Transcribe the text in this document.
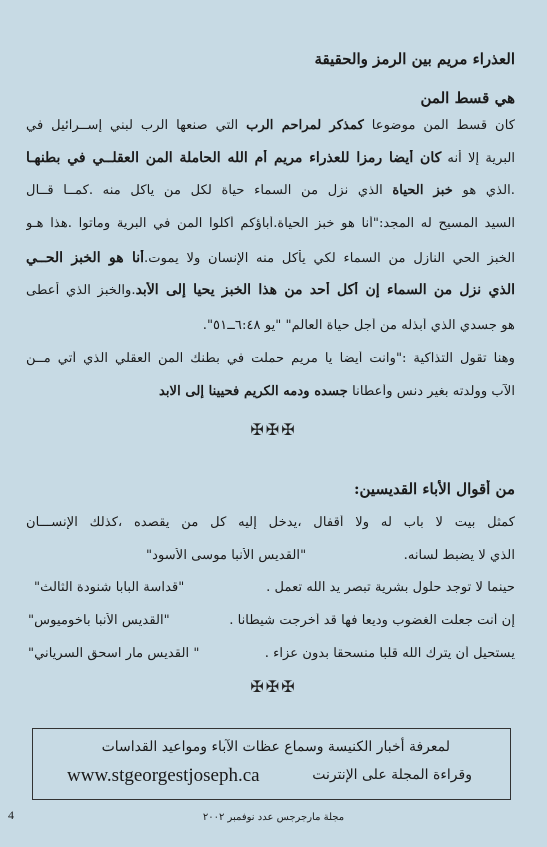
العذراء مريم بين الرمز والحقيقة
هي قسط المن
كان قسط المن موضوعا كمذكر لمراحم الرب التي صنعها الرب لبني إســرائيل في
البرية إلا أنه كان أيضا رمزا للعذراء مريم أم الله الحاملة المن العقلــي في بطنهـا
.الذي هو خبز الحياة الذي نزل من السماء حياة لكل من يأكل منه .كمــا قــال
السيد المسيح له المجد:"أنا هو خبز الحياة.أباؤكم أكلوا المن في البرية وماتوا .هذا هـو
الخبز الحي النازل من السماء لكي يأكل منه الإنسان ولا يموت.أنا هو الخبز الحــي
الذي نزل من السماء إن أكل أحد من هذا الخبز يحيا إلى الأبد.والخبز الذي أعطى
هو جسدي الذي أبذله من أجل حياة العالم" "يو ٦:٤٨ــ٥١".
وهنا تقول التذاكية :"وانت أيضا يا مريم حملت في بطنك المن العقلي الذي أتي مــن
الآب وولدته بغير دنس وأعطانا جسده ودمه الكريم فحيينا إلى الابد
✠✠✠
من أقوال الأباء القديسين:
كمثل بيت لا باب له ولا أقفال ،يدخل إليه كل من يقصده ،كذلك الإنســـان
الذي لا يضبط لسانه.
"القديس الأنبا موسى الأسود"
حينما لا توجد حلول بشرية تبصر يد الله تعمل .
"قداسة البابا شنودة الثالث"
إن أنت جعلت الغضوب وديعا فها قد أخرجت شيطانا .
"القديس الأنبا باخوميوس"
يستحيل أن يترك الله قلبا منسحقا بدون عزاء .
" القديس مار اسحق السرياني"
✠✠✠
لمعرفة أخبار الكنيسة وسماع عظات الآباء ومواعيد القداسات
وقراءة المجلة على الإنترنت
www.stgeorgestjoseph.ca
4	مجلة مارجرجس عدد نوفمبر ٢٠٠٢
